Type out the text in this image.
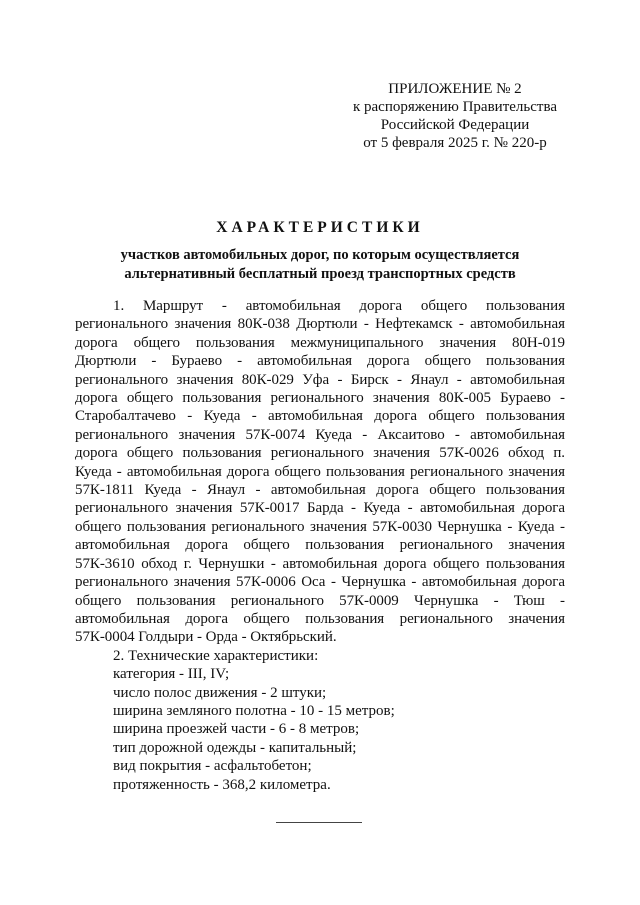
ПРИЛОЖЕНИЕ № 2
к распоряжению Правительства
Российской Федерации
от 5 февраля 2025 г. № 220-р
ХАРАКТЕРИСТИКИ
участков автомобильных дорог, по которым осуществляется
альтернативный бесплатный проезд транспортных средств

1. Маршрут - автомобильная дорога общего пользования регионального значения 80К-038 Дюртюли - Нефтекамск - автомобильная дорога общего пользования межмуниципального значения 80Н-019 Дюртюли - Бураево - автомобильная дорога общего пользования регионального значения 80К-029 Уфа - Бирск - Янаул - автомобильная дорога общего пользования регионального значения 80К-005 Бураево - Старобалтачево - Куеда - автомобильная дорога общего пользования регионального значения 57К-0074 Куеда - Аксаитово - автомобильная дорога общего пользования регионального значения 57К-0026 обход п. Куеда - автомобильная дорога общего пользования регионального значения 57К-1811 Куеда - Янаул - автомобильная дорога общего пользования регионального значения 57К-0017 Барда - Куеда - автомобильная дорога общего пользования регионального значения 57К-0030 Чернушка - Куеда - автомобильная дорога общего пользования регионального значения 57К-3610 обход г. Чернушки - автомобильная дорога общего пользования регионального значения 57К-0006 Оса - Чернушка - автомобильная дорога общего пользования регионального 57К-0009 Чернушка - Тюш - автомобильная дорога общего пользования регионального значения 57К-0004 Голдыри - Орда - Октябрьский.

2. Технические характеристики:

категория - III, IV;
число полос движения - 2 штуки;
ширина земляного полотна - 10 - 15 метров;
ширина проезжей части - 6 - 8 метров;
тип дорожной одежды - капитальный;
вид покрытия - асфальтобетон;
протяженность - 368,2 километра.
